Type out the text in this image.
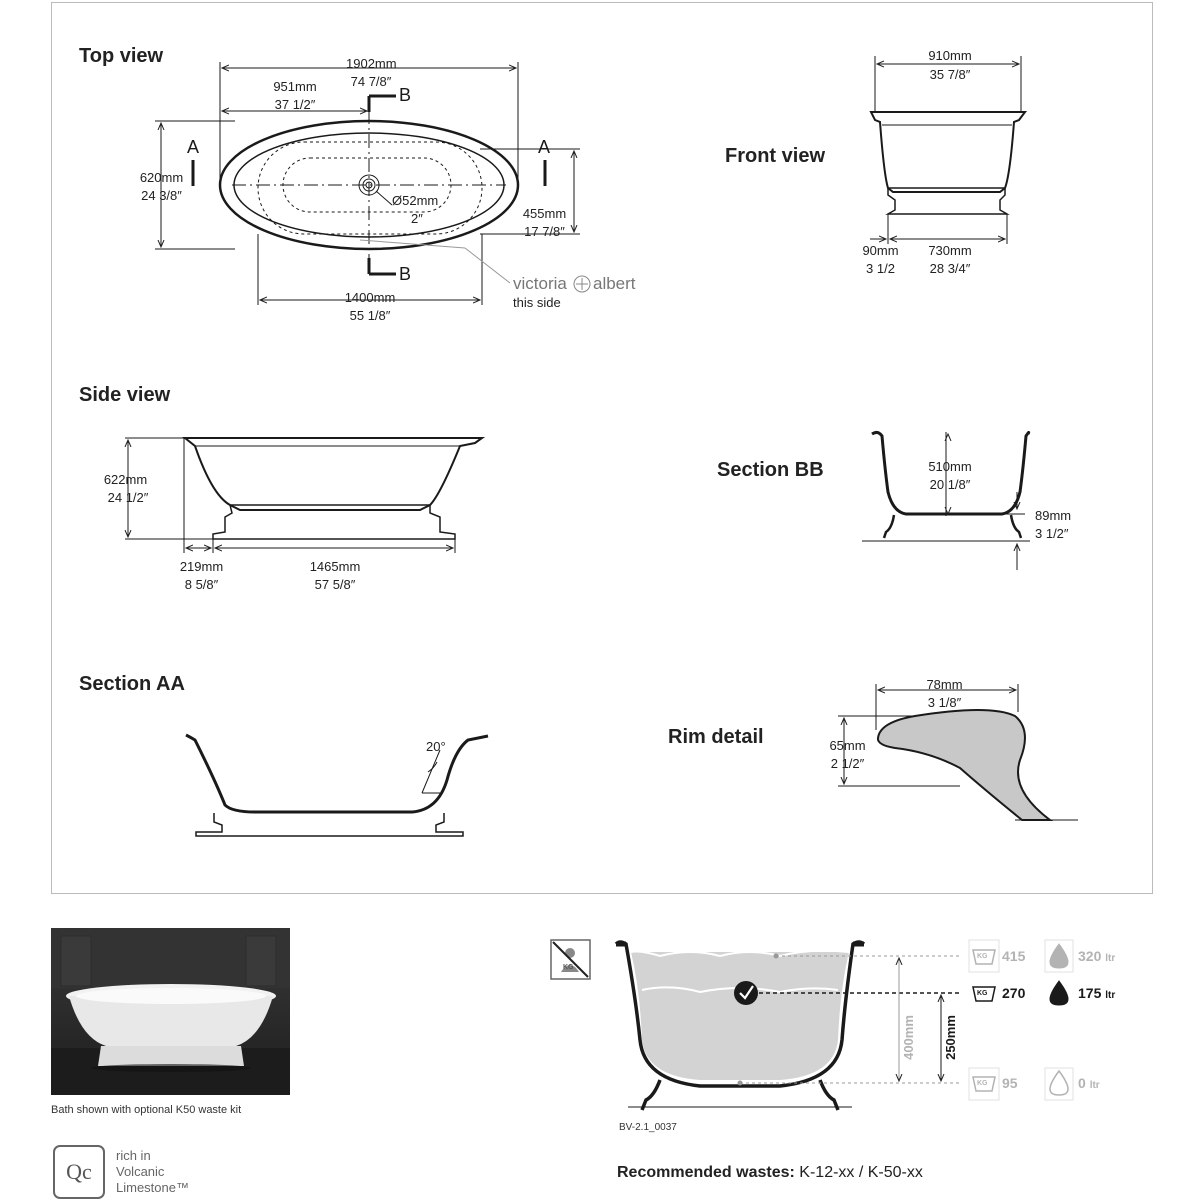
Top view
Front view
Side view
Section BB
Section AA
Rim detail
1902mm
74 7/8″
951mm
37 1/2″
620mm
24 3/8″
455mm
17 7/8″
1400mm
55 1/8″
Ø52mm
2″
A	A
B
B	victoria albert
this side
910mm
35 7/8″
90mm
3 1/2
730mm
28 3/4″
622mm
24 1/2″
219mm
8 5/8″
1465mm
57 5/8″
510mm
20 1/8″
89mm
3 1/2″
20°
78mm
3 1/8″
65mm
2 1/2″
Bath shown with optional K50 waste kit
Qc
rich in
Volcanic
Limestone™
KG
KG
KG
KG
415
270
95
320 ltr
175 ltr
0 ltr
400mm 250mm
BV-2.1_0037
Recommended wastes: K-12-xx / K-50-xx
